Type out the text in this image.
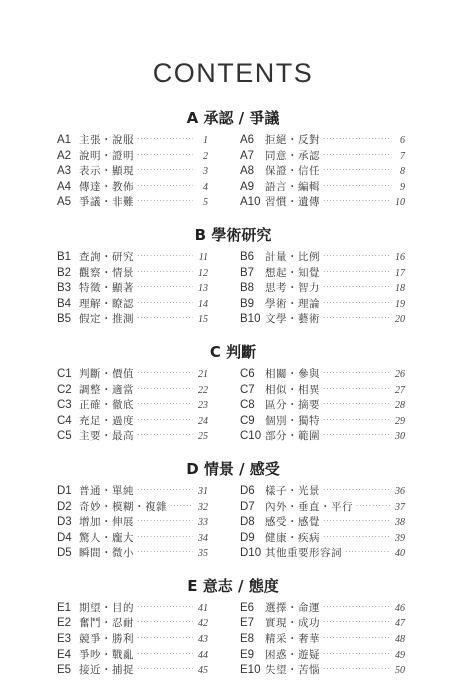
CONTENTS
A 承認 / 爭議
A1 主張・說服 ·····	1
A2 說明・證明 ·····	2
A3 表示・顯現 ·····	3
A4 傳達・教佈 ·····	4
A5 爭議・非難 ·····	5
A6	拒絕・反對 ·····	6
A7	同意・承認 ·····	7
A8	保證・信任 ·····	8
A9	語言・編輯 ·····	9
A10 習慣・遺傳 ·····	10
B 學術研究
B1 查詢・研究 ·····	11
B2 觀察・情景 ·····	12
B3 特徵・顯著 ·····	13
B4 理解・瞭認 ·····	14
B5 假定・推測 ·····	15
B6	計量・比例 ·····	16
B7	想起・知覺 ·····	17
B8	思考・智力 ·····	18
B9	學術・理論 ·····	19
B10 文學・藝術 ·····	20
C 判斷
C1 判斷・價值 ·····	21
C2 調整・適當 ·····	22
C3 正確・徹底 ·····	23
C4 充足・過度 ·····	24
C5 主要・最高 ·····	25
C6 相關・參與 ·····	26
C7 相似・相異 ·····	27
C8 區分・摘要 ·····	28
C9 個別・獨特 ·····	29
C10 部分・範圍 ·····	30
D 情景 / 感受
D1 普通・單純 ·····	31
D2 奇妙・模糊・複雜 ·····	32
D3 增加・伸展 ·····	33
D4 驚人・龐大 ·····	34
D5 瞬間・微小 ·····	35
D6 樣子・光景 ·····	36
D7 內外・垂直・平行 ·····	37
D8 感受・感覺 ·····	38
D9 健康・疾病 ·····	39
D10 其他重要形容詞 ·····	40
E 意志 / 態度
E1 期望・目的 ·····	41
E2 奮鬥・忍耐 ·····	42
E3 競爭・勝利 ·····	43
E4 爭吵・戰亂 ·····	44
E5 接近・捕捉 ·····	45
E6	選擇・命運 ·····	46
E7	實現・成功 ·····	47
E8	精采・奢華 ·····	48
E9	困惑・遊疑 ·····	49
E10 失望・苦惱 ·····	50
